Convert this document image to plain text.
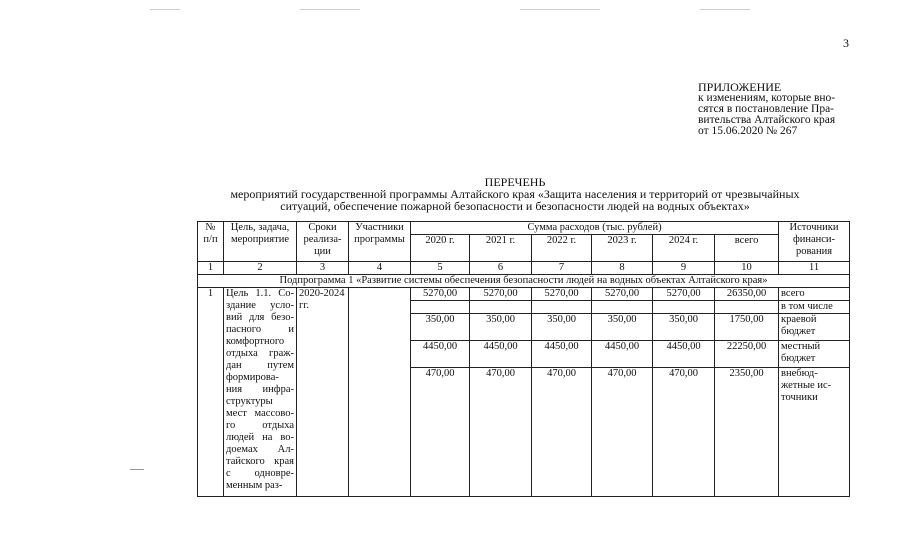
3
ПРИЛОЖЕНИЕ
к изменениям, которые вно-
сятся в постановление Пра-
вительства Алтайского края
от 15.06.2020 № 267
ПЕРЕЧЕНЬ
мероприятий государственной программы Алтайского края «Защита населения и территорий от чрезвычайных
ситуаций, обеспечение пожарной безопасности и безопасности людей на водных объектах»
№ п/п	Цель, задача, мероприятие	Сроки реализа-ции	Участники программы	Сумма расходов (тыс. рублей)						Источники финанси-рования
				2020 г.	2021 г.	2022 г.	2023 г.	2024 г.	всего	
1	2	3	4	5	6	7	8	9	10	11
Подпрограмма 1 «Развитие системы обеспечения безопасности людей на водных объектах Алтайского края»										
1	Цель 1.1. Со-здание усло-вий для безо-пасного и комфортного отдыха граж-дан путем формирова-ния инфра-структуры мест массово-го отдыха людей на во-доемах Ал-тайского края с одновре-менным раз-	2020-2024 гг.		5270,00	5270,00	5270,00	5270,00	5270,00	26350,00	всего
										в том числе
				350,00	350,00	350,00	350,00	350,00	1750,00	краевой бюджет
				4450,00	4450,00	4450,00	4450,00	4450,00	22250,00	местный бюджет
				470,00	470,00	470,00	470,00	470,00	2350,00	внебюд-жетные ис-точники
